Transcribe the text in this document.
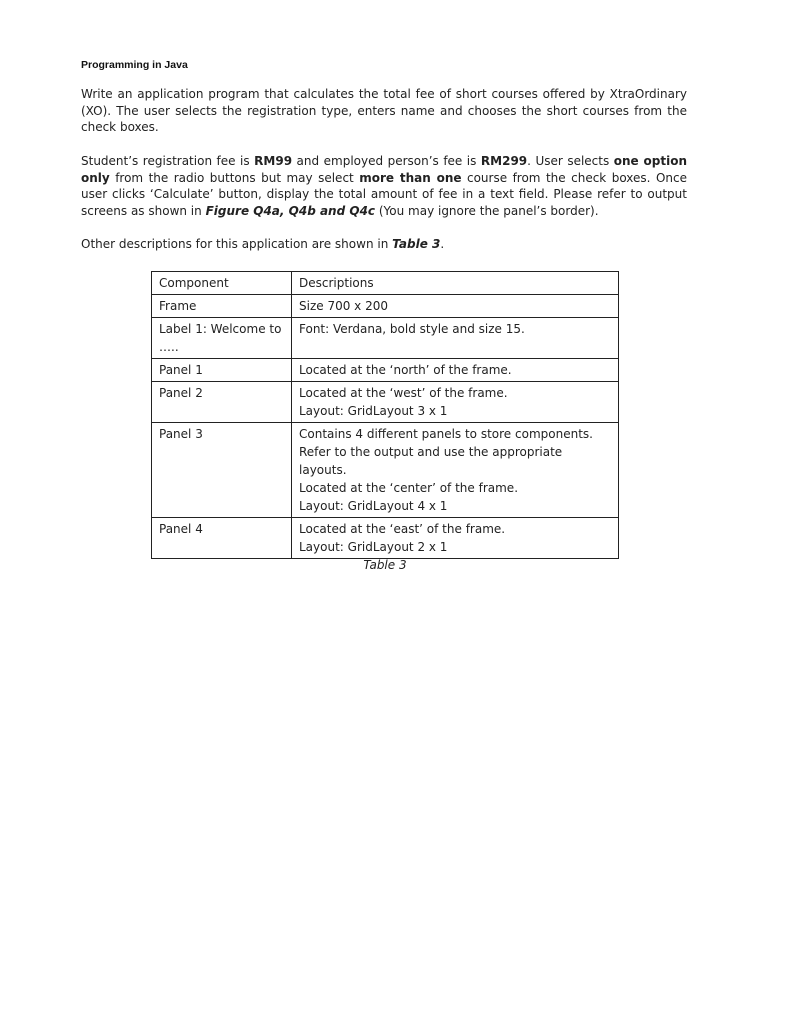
Programming in Java

Write an application program that calculates the total fee of short courses offered by XtraOrdinary (XO). The user selects the registration type, enters name and chooses the short courses from the check boxes.

Student’s registration fee is RM99 and employed person’s fee is RM299. User selects one option only from the radio buttons but may select more than one course from the check boxes. Once user clicks ‘Calculate’ button, display the total amount of fee in a text field. Please refer to output screens as shown in Figure Q4a, Q4b and Q4c (You may ignore the panel’s border).

Other descriptions for this application are shown in Table 3.

Component	Descriptions
Frame	Size 700 x 200

Label 1: Welcome to …..	Font: Verdana, bold style and size 15.

Panel 1	Located at the ‘north’ of the frame.

Panel 2	Located at the ‘west’ of the frame.
Layout: GridLayout 3 x 1

Panel 3	Contains 4 different panels to store components. Refer to the output and use the appropriate layouts.
Located at the ‘center’ of the frame.
Layout: GridLayout 4 x 1

Panel 4	Located at the ‘east’ of the frame.
Layout: GridLayout 2 x 1
Table 3
